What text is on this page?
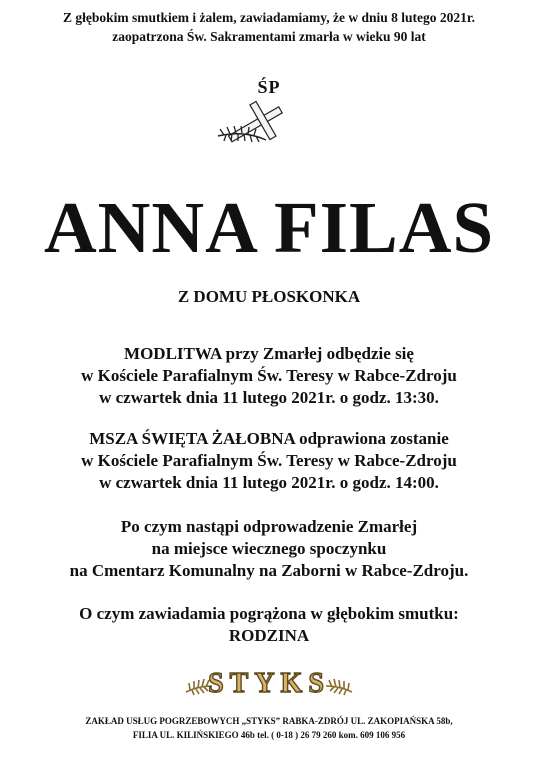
Z głębokim smutkiem i żalem, zawiadamiamy, że w dniu 8 lutego 2021r.
zaopatrzona Św. Sakramentami zmarła w wieku 90 lat
ŚP
ANNA FILAS
Z DOMU PŁOSKONKA
MODLITWA przy Zmarłej odbędzie się
w Kościele Parafialnym Św. Teresy w Rabce-Zdroju
w czwartek dnia 11 lutego 2021r. o godz. 13:30.
MSZA ŚWIĘTA ŻAŁOBNA odprawiona zostanie
w Kościele Parafialnym Św. Teresy w Rabce-Zdroju
w czwartek dnia 11 lutego 2021r. o godz. 14:00.
Po czym nastąpi odprowadzenie Zmarłej
na miejsce wiecznego spoczynku
na Cmentarz Komunalny na Zaborni w Rabce-Zdroju.
O czym zawiadamia pogrążona w głębokim smutku:
RODZINA
STYKS
ZAKŁAD USŁUG POGRZEBOWYCH „STYKS” RABKA-ZDRÓJ UL. ZAKOPIAŃSKA 58b,
FILIA UL. KILIŃSKIEGO 46b tel. ( 0-18 ) 26 79 260 kom. 609 106 956
